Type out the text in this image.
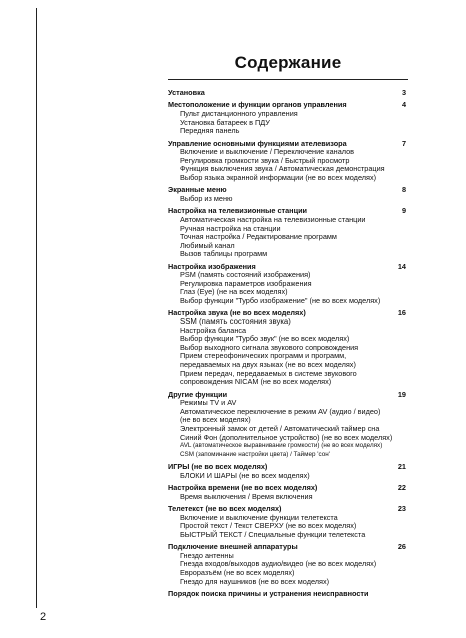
Содержание
Установка	3
Местоположение и функции органов управления	4
Пульт дистанционного управления
Установка батареек в ПДУ
Передняя панель
Управление основными функциями ателевизора	7
Включение и выключение / Переключение каналов
Регулировка громкости звука / Быстрый просмотр
Функция выключения звука / Автоматическая демонстрация
Выбор языка экранной информации (не во всех моделях)
Экранные меню	8
Выбор из меню
Настройка на телевизионные станции	9
Автоматическая настройка на телевизионные станции
Ручная настройка на станции
Точная настройка / Редактирование программ
Любимый канал
Вызов таблицы программ
Настройка изображения	14
PSM (память состояний изображения)
Регулировка параметров изображения
Глаз (Eye) (не на всех моделях)
Выбор функции "Турбо изображение" (не во всех моделях)
Настройка звука (не во всех моделях)	16
SSM (память состояния звука)
Настройка баланса
Выбор функции "Турбо звук" (не во всех моделях)
Выбор выходного сигнала звукового сопровождения
Прием стереофонических программ и программ,
передаваемых на двух языках (не во всех моделях)
Прием передач, передаваемых в системе звукового
сопровождения NICAM (не во всех моделях)
Другие функции	19
Режимы TV и AV
Автоматическое переключение в режим AV (аудио / видео)
(не во всех моделях)
Электронный замок от детей / Автоматический таймер сна
Синий Фон (дополнительное устройство) (не во всех моделях)
AVL (автоматическое выравнивание громкости) (не во всех моделях)
CSM (запоминание настройки цвета) / Таймер 'сон'
ИГРЫ (не во всех моделях)	21
БЛОКИ И ШАРЫ (не во всех моделях)
Настройка времени (не во всех моделях)	22
Время выключения / Время включения
Телетекст (не во всех моделях)	23
Включение и выключение функции телетекста
Простой текст / Текст СВЕРХУ (не во всех моделях)
БЫСТРЫЙ ТЕКСТ / Специальные функции телетекста
Подключение внешней аппаратуры	26
Гнездо антенны
Гнезда входов/выходов аудио/видео (не во всех моделях)
Евроразъём (не во всех моделях)
Гнездо для наушников (не во всех моделях)
Порядок поиска причины и устранения неисправности
2
